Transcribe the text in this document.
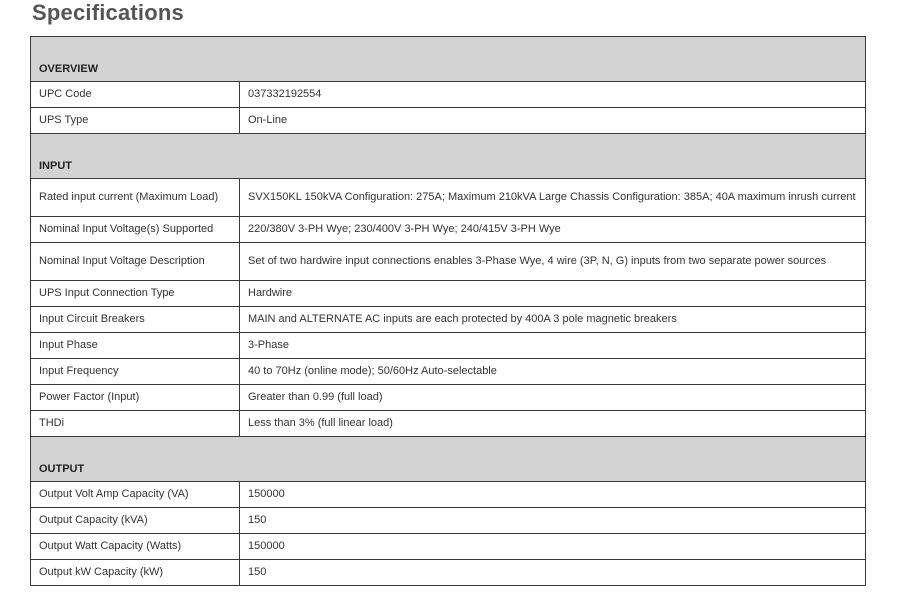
Specifications
OVERVIEW	
UPC Code	037332192554
UPS Type	On-Line
INPUT	
Rated input current (Maximum Load)	SVX150KL 150kVA Configuration: 275A; Maximum 210kVA Large Chassis Configuration: 385A; 40A maximum inrush current
Nominal Input Voltage(s) Supported	220/380V 3-PH Wye; 230/400V 3-PH Wye; 240/415V 3-PH Wye
Nominal Input Voltage Description	Set of two hardwire input connections enables 3-Phase Wye, 4 wire (3P, N, G) inputs from two separate power sources
UPS Input Connection Type	Hardwire
Input Circuit Breakers	MAIN and ALTERNATE AC inputs are each protected by 400A 3 pole magnetic breakers
Input Phase	3-Phase
Input Frequency	40 to 70Hz (online mode); 50/60Hz Auto-selectable
Power Factor (Input)	Greater than 0.99 (full load)
THDi	Less than 3% (full linear load)
OUTPUT	
Output Volt Amp Capacity (VA)	150000
Output Capacity (kVA)	150
Output Watt Capacity (Watts)	150000
Output kW Capacity (kW)	150
